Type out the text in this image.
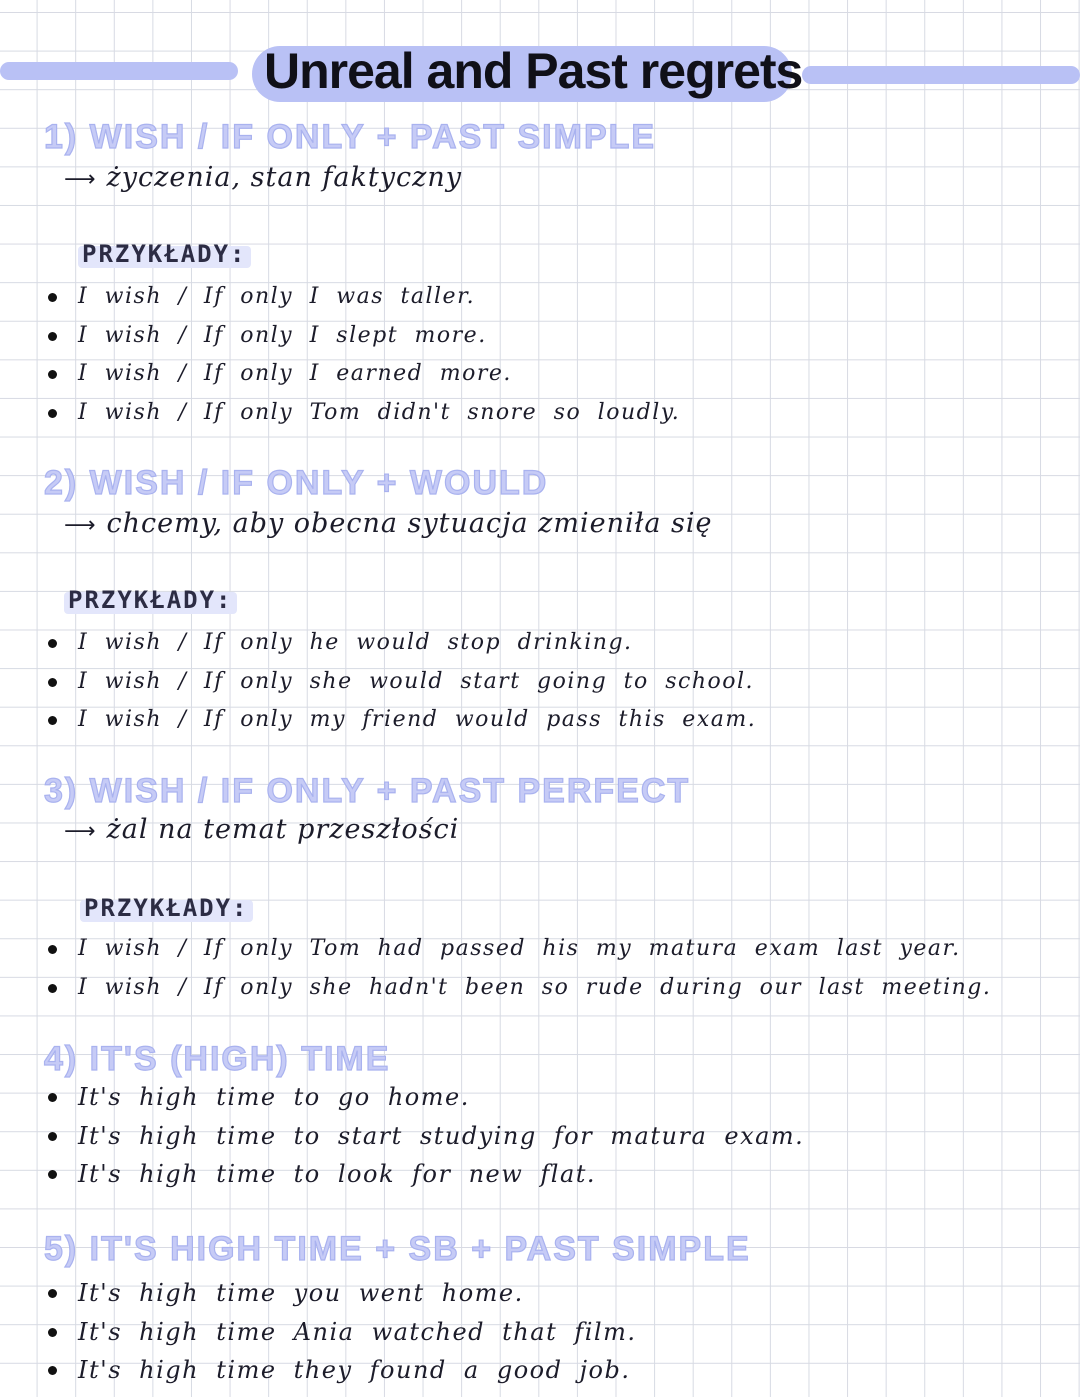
Unreal and Past regrets
1) WISH / IF ONLY + PAST SIMPLE
⟶ życzenia, stan faktyczny
PRZYKŁADY:
I wish / If only I was taller.
I wish / If only I slept more.
I wish / If only I earned more.
I wish / If only Tom didn't snore so loudly.
2) WISH / IF ONLY + WOULD
⟶ chcemy, aby obecna sytuacja zmieniła się
PRZYKŁADY:
I wish / If only he would stop drinking.
I wish / If only she would start going to school.
I wish / If only my friend would pass this exam.
3) WISH / IF ONLY + PAST PERFECT
⟶ żal na temat przeszłości
PRZYKŁADY:
I wish / If only Tom had passed his my matura exam last year.
I wish / If only she hadn't been so rude during our last meeting.
4) IT'S (HIGH) TIME
It's high time to go home.
It's high time to start studying for matura exam.
It's high time to look for new flat.
5) IT'S HIGH TIME + SB + PAST SIMPLE
It's high time you went home.
It's high time Ania watched that film.
It's high time they found a good job.
